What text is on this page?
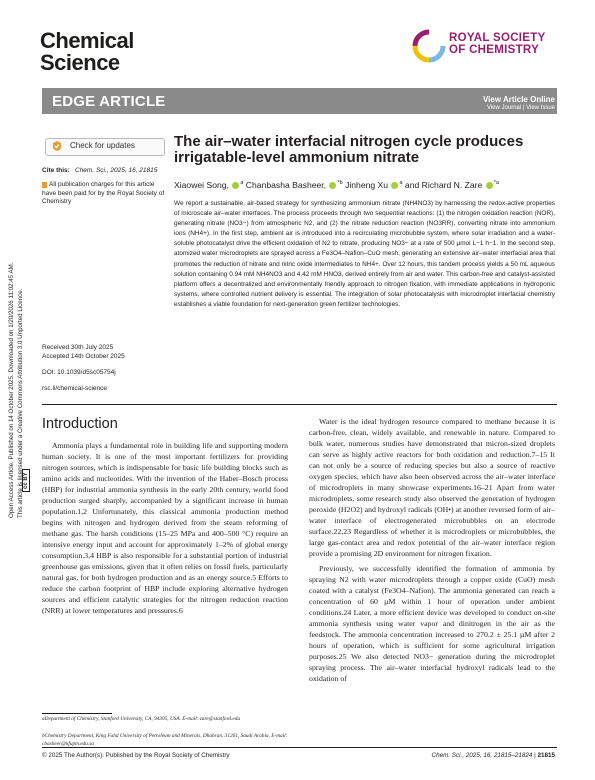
Chemical
Science
ROYAL SOCIETY
OF CHEMISTRY
EDGE ARTICLE	View Article Online
View Journal | View Issue
Open Access Article. Published on 14 October 2025. Downloaded on 1/20/2026 11:02:45 AM. This article is licensed under a Creative Commons Attribution 3.0 Unported Licence. cc BY
Check for updates
Cite this: Chem. Sci., 2025, 16, 21815
All publication charges for this article have been paid for by the Royal Society of Chemistry
Received 30th July 2025
Accepted 14th October 2025
DOI: 10.1039/d5sc05754j
rsc.li/chemical-science
The air–water interfacial nitrogen cycle produces irrigatable-level ammonium nitrate
Xiaowei Song, $^a$ Chanbasha Basheer, $^{*b}$ Jinheng Xu $^a$ and Richard N. Zare $^{*a}$
We report a sustainable, air-based strategy for synthesizing ammonium nitrate (NH4NO3) by harnessing the redox-active properties of microscale air–water interfaces. The process proceeds through two sequential reactions: (1) the nitrogen oxidation reaction (NOR), generating nitrate (NO3−) from atmospheric N2, and (2) the nitrate reduction reaction (NO3RR), converting nitrate into ammonium ions (NH4+). In the first step, ambient air is introduced into a recirculating microbubble system, where solar irradiation and a water-soluble photocatalyst drive the efficient oxidation of N2 to nitrate, producing NO3− at a rate of 500 µmol L−1 h−1. In the second step, atomized water microdroplets are sprayed across a Fe3O4–Nafion–CuO mesh, generating an extensive air–water interfacial area that promotes the reduction of nitrate and nitric oxide intermediates to NH4+. Over 12 hours, this tandem process yields a 50 mL aqueous solution containing 0.94 mM NH4NO3 and 4.42 mM HNO3, derived entirely from air and water. This carbon-free and catalyst-assisted platform offers a decentralized and environmentally friendly approach to nitrogen fixation, with immediate applications in hydroponic systems, where controlled nutrient delivery is essential. The integration of solar photocatalysis with microdroplet interfacial chemistry establishes a viable foundation for next-generation green fertilizer technologies.
Introduction

Ammonia plays a fundamental role in building life and supporting modern human society. It is one of the most important fertilizers for providing nitrogen sources, which is indispensable for basic life building blocks such as amino acids and nucleotides. With the invention of the Haber–Bosch process (HBP) for industrial ammonia synthesis in the early 20th century, world food production surged sharply, accompanied by a significant increase in human population.1,2 Unfortunately, this classical ammonia production method begins with nitrogen and hydrogen derived from the steam reforming of methane gas. The harsh conditions (15–25 MPa and 400–500 °C) require an intensive energy input and account for approximately 1–2% of global energy consumption.3,4 HBP is also responsible for a substantial portion of industrial greenhouse gas emissions, given that it often relies on fossil fuels, particularly natural gas, for both hydrogen production and as an energy source.5 Efforts to reduce the carbon footprint of HBP include exploring alternative hydrogen sources and efficient catalytic strategies for the nitrogen reduction reaction (NRR) at lower temperatures and pressures.6

aDepartment of Chemistry, Stanford University, CA, 94305, USA. E-mail: zare@stanford.edu
bChemistry Department, King Fahd University of Petroleum and Minerals, Dhahran, 31261, Saudi Arabia. E-mail: cbasheer@kfupm.edu.sa

Water is the ideal hydrogen resource compared to methane because it is carbon-free, clean, widely available, and renewable in nature. Compared to bulk water, numerous studies have demonstrated that micron-sized droplets can serve as highly active reactors for both oxidation and reduction.7–15 It can not only be a source of reducing species but also a source of reactive oxygen species, which have also been observed across the air–water interface of microdroplets in many showcase experiments.16–21 Apart from water microdroplets, some research study also observed the generation of hydrogen peroxide (H2O2) and hydroxyl radicals (OH•) at another reversed form of air–water interface of electrogenerated microbubbles on an electrode surface.22,23 Regardless of whether it is microdroplets or microbubbles, the large gas-contact area and redox potential of the air–water interface region provide a promising 2D environment for nitrogen fixation.

Previously, we successfully identified the formation of ammonia by spraying N2 with water microdroplets through a copper oxide (CuO) mesh coated with a catalyst (Fe3O4–Nafion). The ammonia generated can reach a concentration of 60 µM within 1 hour of operation under ambient conditions.24 Later, a more efficient device was developed to conduct on-site ammonia synthesis using water vapor and dinitrogen in the air as the feedstock. The ammonia concentration increased to 270.2 ± 25.1 µM after 2 hours of operation, which is sufficient for some agricultural irrigation purposes.25 We also detected NO3− generation during the microdroplet spraying process. The air–water interfacial hydroxyl radicals lead to the oxidation of

© 2025 The Author(s). Published by the Royal Society of Chemistry	Chem. Sci., 2025, 16, 21815–21824 | 21815
